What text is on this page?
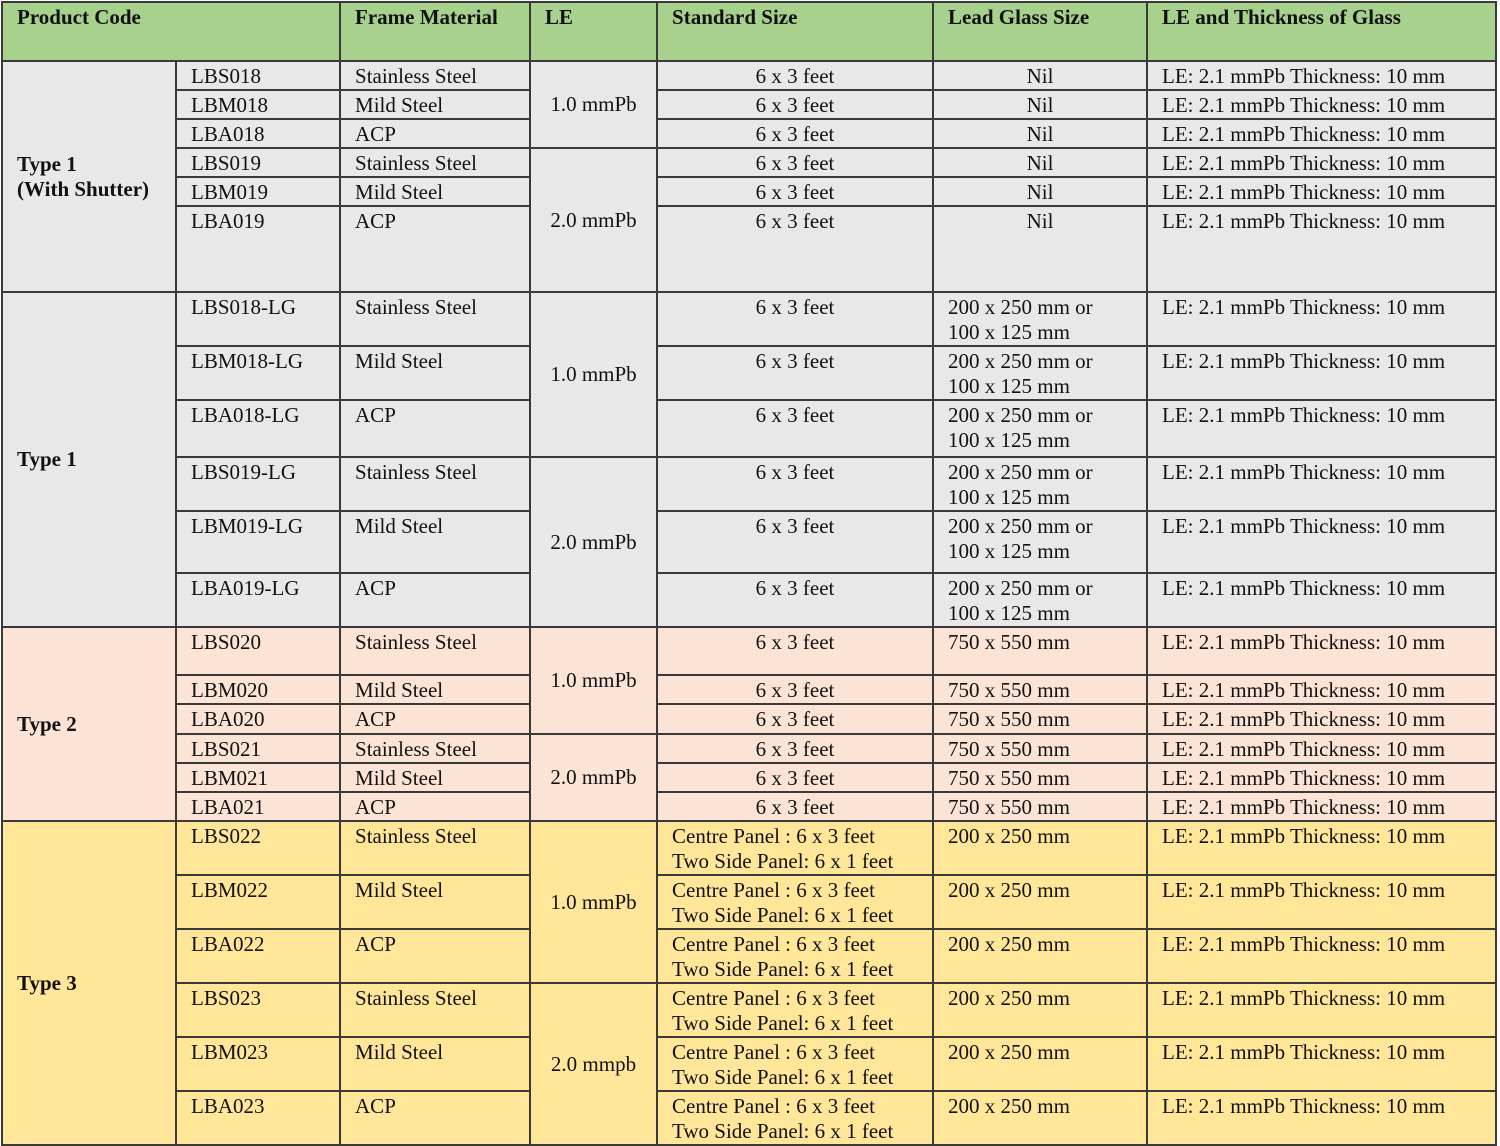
Product Code		Frame Material	LE	Standard Size	Lead Glass Size	LE and Thickness of Glass

Type 1
(With Shutter)	LBS018	Stainless Steel	1.0 mmPb	6 x 3 feet	Nil	LE: 2.1 mmPb Thickness: 10 mm
	LBM018	Mild Steel		6 x 3 feet	Nil	LE: 2.1 mmPb Thickness: 10 mm
	LBA018	ACP		6 x 3 feet	Nil	LE: 2.1 mmPb Thickness: 10 mm
	LBS019	Stainless Steel	2.0 mmPb	6 x 3 feet	Nil	LE: 2.1 mmPb Thickness: 10 mm
	LBM019	Mild Steel		6 x 3 feet	Nil	LE: 2.1 mmPb Thickness: 10 mm
	LBA019	ACP		6 x 3 feet	Nil	LE: 2.1 mmPb Thickness: 10 mm

Type 1	LBS018-LG	Stainless Steel	1.0 mmPb	6 x 3 feet	200 x 250 mm or
100 x 125 mm	LE: 2.1 mmPb Thickness: 10 mm
	LBM018-LG	Mild Steel		6 x 3 feet	200 x 250 mm or
100 x 125 mm	LE: 2.1 mmPb Thickness: 10 mm
	LBA018-LG	ACP		6 x 3 feet	200 x 250 mm or
100 x 125 mm	LE: 2.1 mmPb Thickness: 10 mm
	LBS019-LG	Stainless Steel	2.0 mmPb	6 x 3 feet	200 x 250 mm or
100 x 125 mm	LE: 2.1 mmPb Thickness: 10 mm
	LBM019-LG	Mild Steel		6 x 3 feet	200 x 250 mm or
100 x 125 mm	LE: 2.1 mmPb Thickness: 10 mm
	LBA019-LG	ACP		6 x 3 feet	200 x 250 mm or
100 x 125 mm	LE: 2.1 mmPb Thickness: 10 mm

Type 2	LBS020	Stainless Steel	1.0 mmPb	6 x 3 feet	750 x 550 mm	LE: 2.1 mmPb Thickness: 10 mm
	LBM020	Mild Steel		6 x 3 feet	750 x 550 mm	LE: 2.1 mmPb Thickness: 10 mm
	LBA020	ACP		6 x 3 feet	750 x 550 mm	LE: 2.1 mmPb Thickness: 10 mm
	LBS021	Stainless Steel	2.0 mmPb	6 x 3 feet	750 x 550 mm	LE: 2.1 mmPb Thickness: 10 mm
	LBM021	Mild Steel		6 x 3 feet	750 x 550 mm	LE: 2.1 mmPb Thickness: 10 mm
	LBA021	ACP		6 x 3 feet	750 x 550 mm	LE: 2.1 mmPb Thickness: 10 mm

Type 3	LBS022	Stainless Steel	1.0 mmPb	Centre Panel : 6 x 3 feet
Two Side Panel: 6 x 1 feet	200 x 250 mm	LE: 2.1 mmPb Thickness: 10 mm
	LBM022	Mild Steel		Centre Panel : 6 x 3 feet
Two Side Panel: 6 x 1 feet	200 x 250 mm	LE: 2.1 mmPb Thickness: 10 mm
	LBA022	ACP		Centre Panel : 6 x 3 feet
Two Side Panel: 6 x 1 feet	200 x 250 mm	LE: 2.1 mmPb Thickness: 10 mm
	LBS023	Stainless Steel	2.0 mmpb	Centre Panel : 6 x 3 feet
Two Side Panel: 6 x 1 feet	200 x 250 mm	LE: 2.1 mmPb Thickness: 10 mm
	LBM023	Mild Steel		Centre Panel : 6 x 3 feet
Two Side Panel: 6 x 1 feet	200 x 250 mm	LE: 2.1 mmPb Thickness: 10 mm
	LBA023	ACP		Centre Panel : 6 x 3 feet
Two Side Panel: 6 x 1 feet	200 x 250 mm	LE: 2.1 mmPb Thickness: 10 mm
